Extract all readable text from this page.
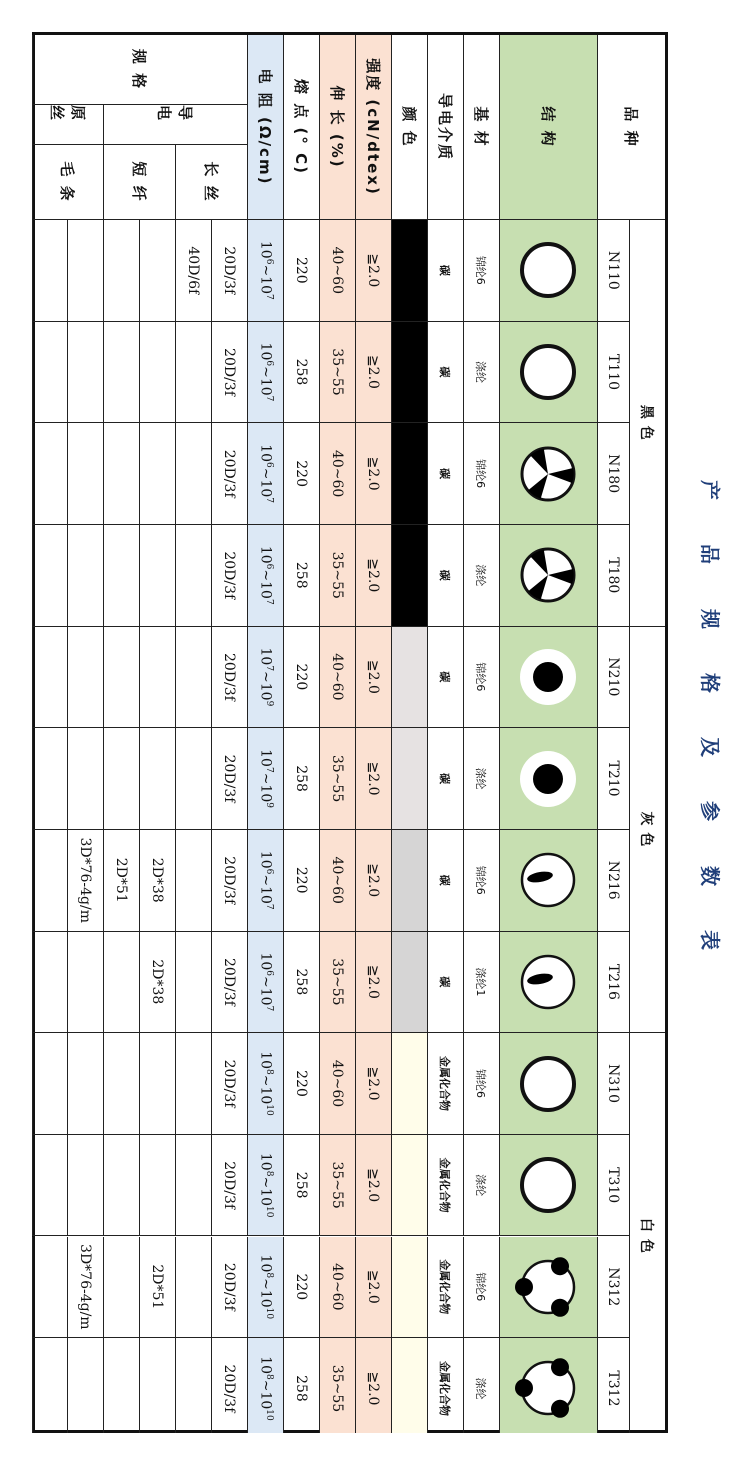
产
品
规
格
及
参
数
表
品 种
结 构
基 材
导电介质
颜 色
强度 (cN/dtex)
伸 长 (%)
熔 点 (° C)
电 阻 (Ω/cm)
规 格
导 电
原 丝
长 丝
短 纤
毛 条
黑 色
灰 色
白 色
N110
锦纶6
碳
≧2.0
40~60
220
$10^6\sim 10^7$
20D/3f
40D/6f
T110
涤纶
碳
≧2.0
35~55
258
$10^6\sim 10^7$
20D/3f
N180
锦纶6
碳
≧2.0
40~60
220
$10^6\sim 10^7$
20D/3f
T180
涤纶
碳
≧2.0
35~55
258
$10^6\sim 10^7$
20D/3f
N210
锦纶6
碳
≧2.0
40~60
220
$10^7\sim 10^9$
20D/3f
T210
涤纶
碳
≧2.0
35~55
258
$10^7\sim 10^9$
20D/3f
N216
锦纶6
碳
≧2.0
40~60
220
$10^6\sim 10^7$
20D/3f
2D*38
2D*51
3D*76-4g/m
T216
涤纶1
碳
≧2.0
35~55
258
$10^6\sim 10^7$
20D/3f
2D*38
N310
锦纶6
金属化合物
≧2.0
40~60
220
$10^8\sim 10^{10}$
20D/3f
T310
涤纶
金属化合物
≧2.0
35~55
258
$10^8\sim 10^{10}$
20D/3f
N312
锦纶6
金属化合物
≧2.0
40~60
220
$10^8\sim 10^{10}$
20D/3f
2D*51
3D*76-4g/m
T312
涤纶
金属化合物
≧2.0
35~55
258
$10^8\sim 10^{10}$
20D/3f
